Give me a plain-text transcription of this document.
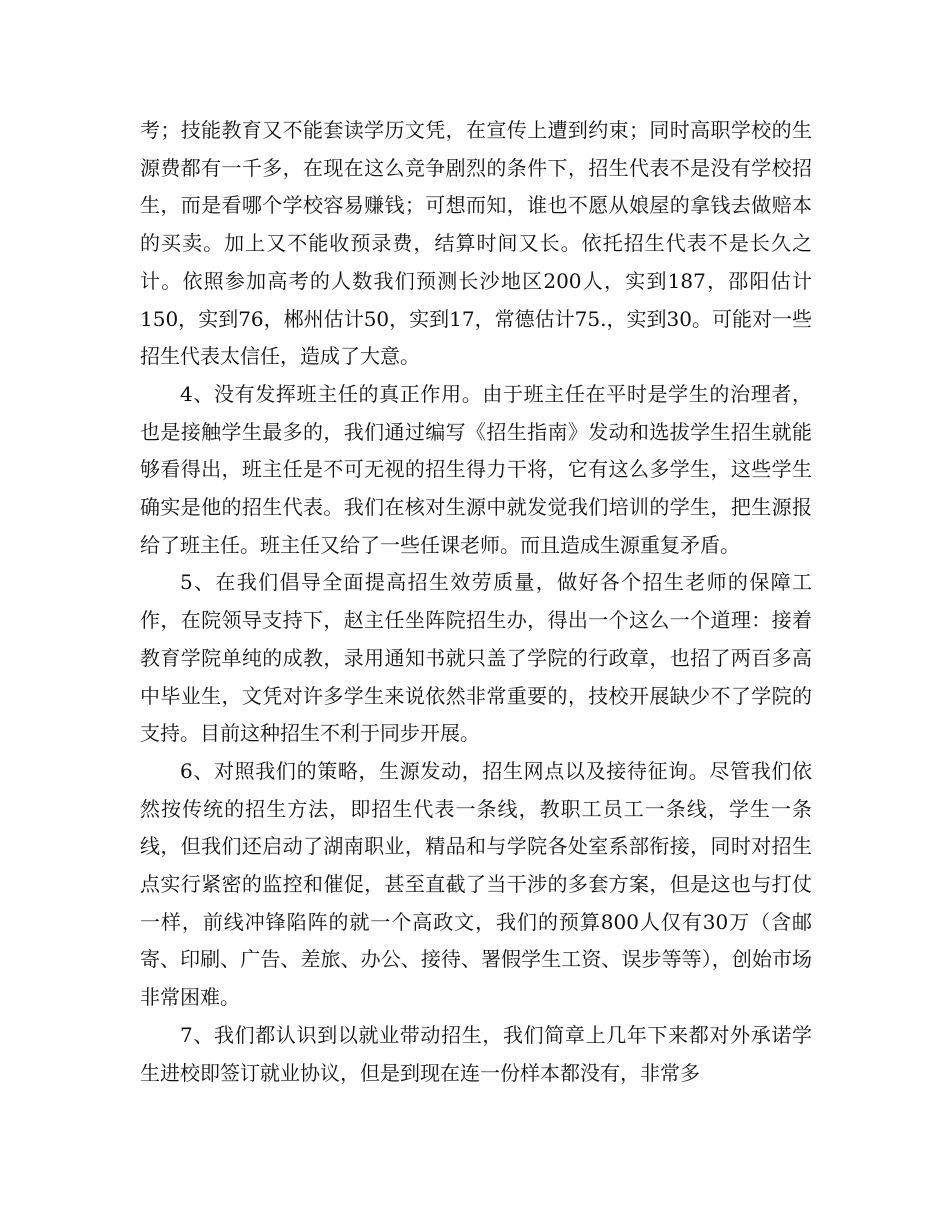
考；技能教育又不能套读学历文凭，在宣传上遭到约束；同时高职学校的生源费都有一千多，在现在这么竞争剧烈的条件下，招生代表不是没有学校招生，而是看哪个学校容易赚钱；可想而知，谁也不愿从娘屋的拿钱去做赔本的买卖。加上又不能收预录费，结算时间又长。依托招生代表不是长久之计。依照参加高考的人数我们预测长沙地区200人，实到187，邵阳估计150，实到76，郴州估计50，实到17，常德估计75.，实到30。可能对一些招生代表太信任，造成了大意。

4、没有发挥班主任的真正作用。由于班主任在平时是学生的治理者，也是接触学生最多的，我们通过编写《招生指南》发动和选拔学生招生就能够看得出，班主任是不可无视的招生得力干将，它有这么多学生，这些学生确实是他的招生代表。我们在核对生源中就发觉我们培训的学生，把生源报给了班主任。班主任又给了一些任课老师。而且造成生源重复矛盾。

5、在我们倡导全面提高招生效劳质量，做好各个招生老师的保障工作，在院领导支持下，赵主任坐阵院招生办，得出一个这么一个道理：接着教育学院单纯的成教，录用通知书就只盖了学院的行政章，也招了两百多高中毕业生，文凭对许多学生来说依然非常重要的，技校开展缺少不了学院的支持。目前这种招生不利于同步开展。

6、对照我们的策略，生源发动，招生网点以及接待征询。尽管我们依然按传统的招生方法，即招生代表一条线，教职工员工一条线，学生一条线，但我们还启动了湖南职业，精品和与学院各处室系部衔接，同时对招生点实行紧密的监控和催促，甚至直截了当干涉的多套方案，但是这也与打仗一样，前线冲锋陷阵的就一个高政文，我们的预算800人仅有30万（含邮寄、印刷、广告、差旅、办公、接待、署假学生工资、误步等等），创始市场非常困难。

7、我们都认识到以就业带动招生，我们简章上几年下来都对外承诺学生进校即签订就业协议，但是到现在连一份样本都没有，非常多
